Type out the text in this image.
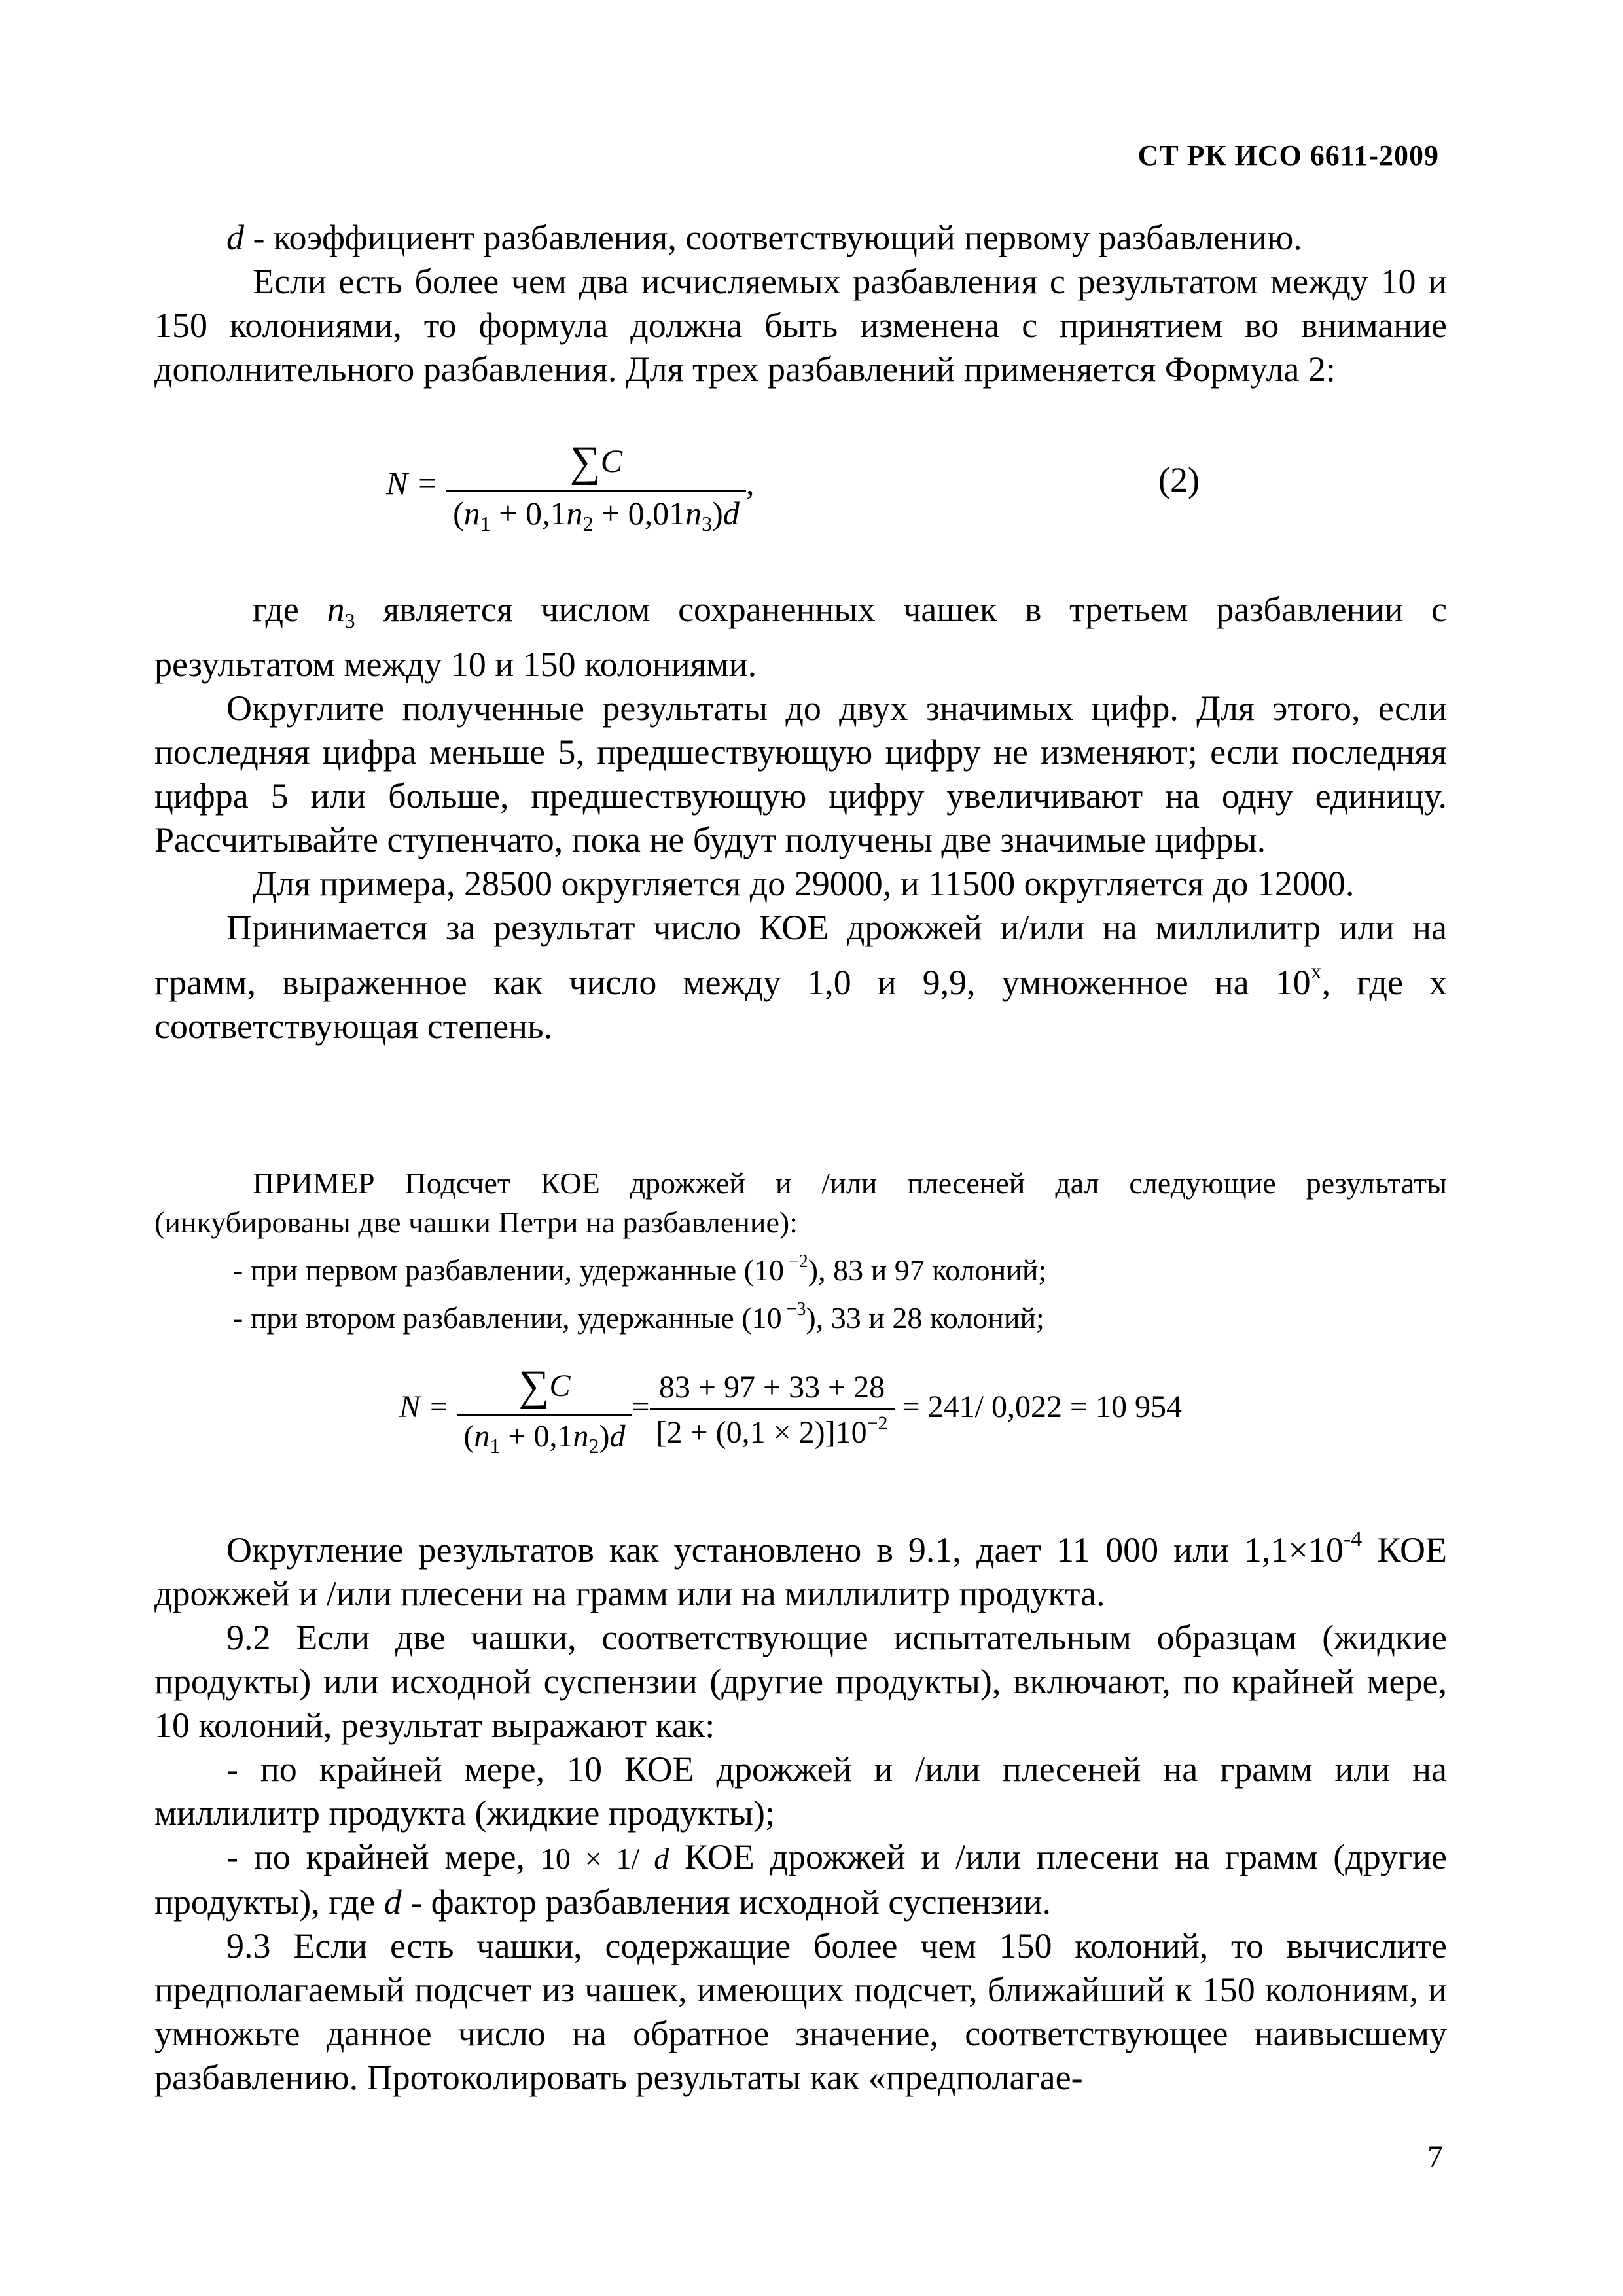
СТ РК ИСО 6611-2009

d - коэффициент разбавления, соответствующий первому разбавлению.

Если есть более чем два исчисляемых разбавления с результатом между 10 и 150 колониями, то формула должна быть изменена с принятием во внимание дополнительного разбавления. Для трех разбавлений применяется Формула 2:

$N = \frac{\sum C}{(n_1 + 0,1n_2 + 0,01n_3)d}$ ,	(2)

где $n_3$ является числом сохраненных чашек в третьем разбавлении с результатом между 10 и 150 колониями.

Округлите полученные результаты до двух значимых цифр. Для этого, если последняя цифра меньше 5, предшествующую цифру не изменяют; если последняя цифра 5 или больше, предшествующую цифру увеличивают на одну единицу. Рассчитывайте ступенчато, пока не будут получены две значимые цифры.

Для примера, 28500 округляется до 29000, и 11500 округляется до 12000.

Принимается за результат число КОЕ дрожжей и/или на миллилитр или на грамм, выраженное как число между 1,0 и 9,9, умноженное на 10$^x$, где x соответствующая степень.

ПРИМЕР Подсчет КОЕ дрожжей и /или плесеней дал следующие результаты (инкубированы две чашки Петри на разбавление):

- при первом разбавлении, удержанные (10 $^{-2}$), 83 и 97 колоний;

- при втором разбавлении, удержанные (10 $^{-3}$), 33 и 28 колоний;

$N = \frac{\sum C}{(n_1 + 0,1n_2)d} = \frac{83 + 97 + 33 + 28}{[2 + (0,1 \times 2)]10^{-2}} = 241/$ 0,022 = 10 954

Округление результатов как установлено в 9.1, дает 11 000 или $1,1\times 10^{-4}$ КОЕ дрожжей и /или плесени на грамм или на миллилитр продукта.

9.2 Если две чашки, соответствующие испытательным образцам (жидкие продукты) или исходной суспензии (другие продукты), включают, по крайней мере, 10 колоний, результат выражают как:

- по крайней мере, 10 КОЕ дрожжей и /или плесеней на грамм или на миллилитр продукта (жидкие продукты);

- по крайней мере, 10 × 1/ d КОЕ дрожжей и /или плесени на грамм (другие продукты), где d - фактор разбавления исходной суспензии.

9.3 Если есть чашки, содержащие более чем 150 колоний, то вычислите предполагаемый подсчет из чашек, имеющих подсчет, ближайший к 150 колониям, и умножьте данное число на обратное значение, соответствующее наивысшему разбавлению. Протоколировать результаты как «предполагае-

7
